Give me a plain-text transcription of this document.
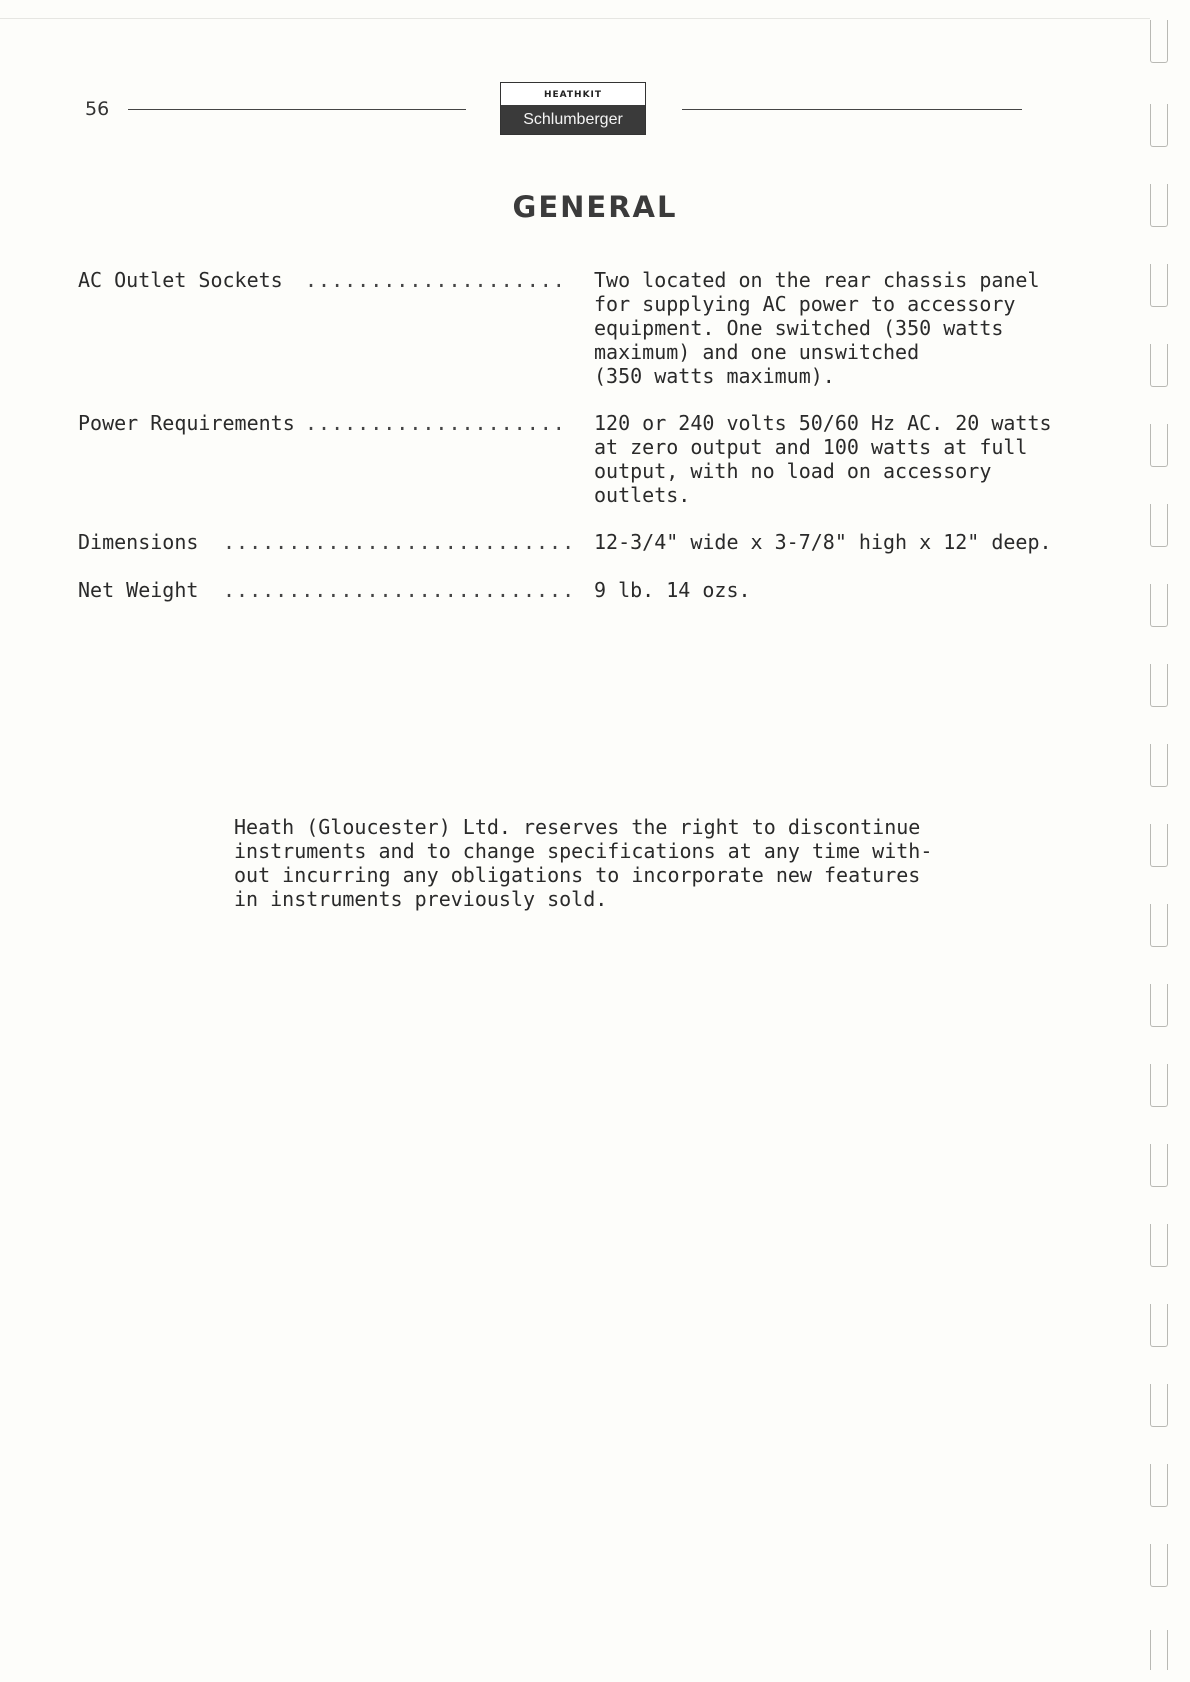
56
HEATHKIT
Schlumberger
GENERAL
AC Outlet Sockets .................... Two located on the rear chassis panel
for supplying AC power to accessory
equipment. One switched (350 watts
maximum) and one unswitched
(350 watts maximum).
Power Requirements .................... 120 or 240 volts 50/60 Hz AC. 20 watts
at zero output and 100 watts at full
output, with no load on accessory
outlets.
Dimensions ........................... 12-3/4" wide x 3-7/8" high x 12" deep.
Net Weight ........................... 9 lb. 14 ozs.
Heath (Gloucester) Ltd. reserves the right to discontinue
instruments and to change specifications at any time with-
out incurring any obligations to incorporate new features
in instruments previously sold.
